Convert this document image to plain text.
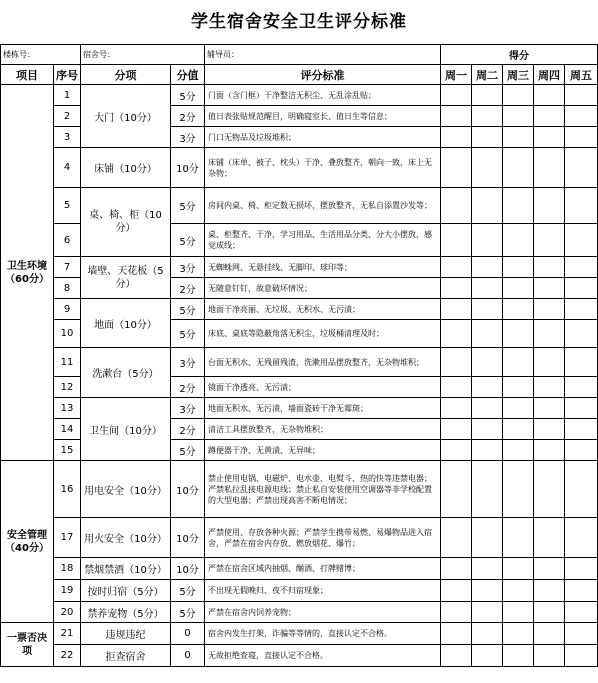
学生宿舍安全卫生评分标准
楼栋号：		宿舍号：		辅导员：	得分				
项目	序号	分项	分值	评分标准	周一	周二	周三	周四	周五
卫生环境（60分）	1	大门（10分）	5分	门面（含门框）干净整洁无积尘、无乱涂乱贴；					
	2		2分	值日表张贴规范醒目，明确寝室长、值日生等信息；					
	3		3分	门口无物品及垃圾堆积；					
	4	床铺（10分）	10分	床铺（床单、被子、枕头）干净、叠放整齐，朝向一致，床上无杂物；					
	5	桌、椅、柜（10分）	5分	房间内桌、椅、柜定数无损坏，摆放整齐，无私自添置沙发等；					
	6		5分	桌、柜整齐、干净，学习用品、生活用品分类、分大小摆放，感觉成线；					
	7	墙壁、天花板（5分）	3分	无蜘蛛网、无悬挂线、无脚印、球印等；					
	8		2分	无随意钉钉，故意破坏情况；					
	9	地面（10分）	5分	地面干净亮丽、无垃圾、无积水、无污渍；					
	10		5分	床底、桌底等隐蔽角落无积尘，垃圾桶清理及时；					
	11	洗漱台（5分）	3分	台面无积水、无残留残渣，洗漱用品摆放整齐，无杂物堆积；					
	12		2分	镜面干净透亮、无污渍；					
	13	卫生间（10分）	3分	地面无积水、无污渍，墙面瓷砖干净无霉斑；					
	14		2分	清洁工具摆放整齐，无杂物堆积；					
	15		5分	蹲便器干净、无黄渍、无异味；					
安全管理（40分）	16	用电安全（10分）	10分	禁止使用电锅、电磁炉、电水壶、电熨斗、热的快等违禁电器；严禁私拉乱接电源电线；禁止私自安装使用空调器等非学校配置的大型电器；严禁出现高害不断电情况；					
	17	用火安全（10分）	10分	严禁使用、存放各种火源；严禁学生携带易燃、易爆物品进入宿舍，严禁在宿舍内存放、燃放烟花、爆竹；					
	18	禁烟禁酒（10分）	10分	严禁在宿舍区域内抽烟、酗酒、打牌赌博；					
	19	按时归宿（5分）	5分	不出现无假晚归、夜不归宿现象；					
	20	禁养宠物（5分）	5分	严禁在宿舍内饲养宠物；					
一票否决项	21	违规违纪	0	宿舍内发生打架，诈骗等等情的，直接认定不合格。					
	22	拒查宿舍	0	无故拒绝查寝，直接认定不合格。					
